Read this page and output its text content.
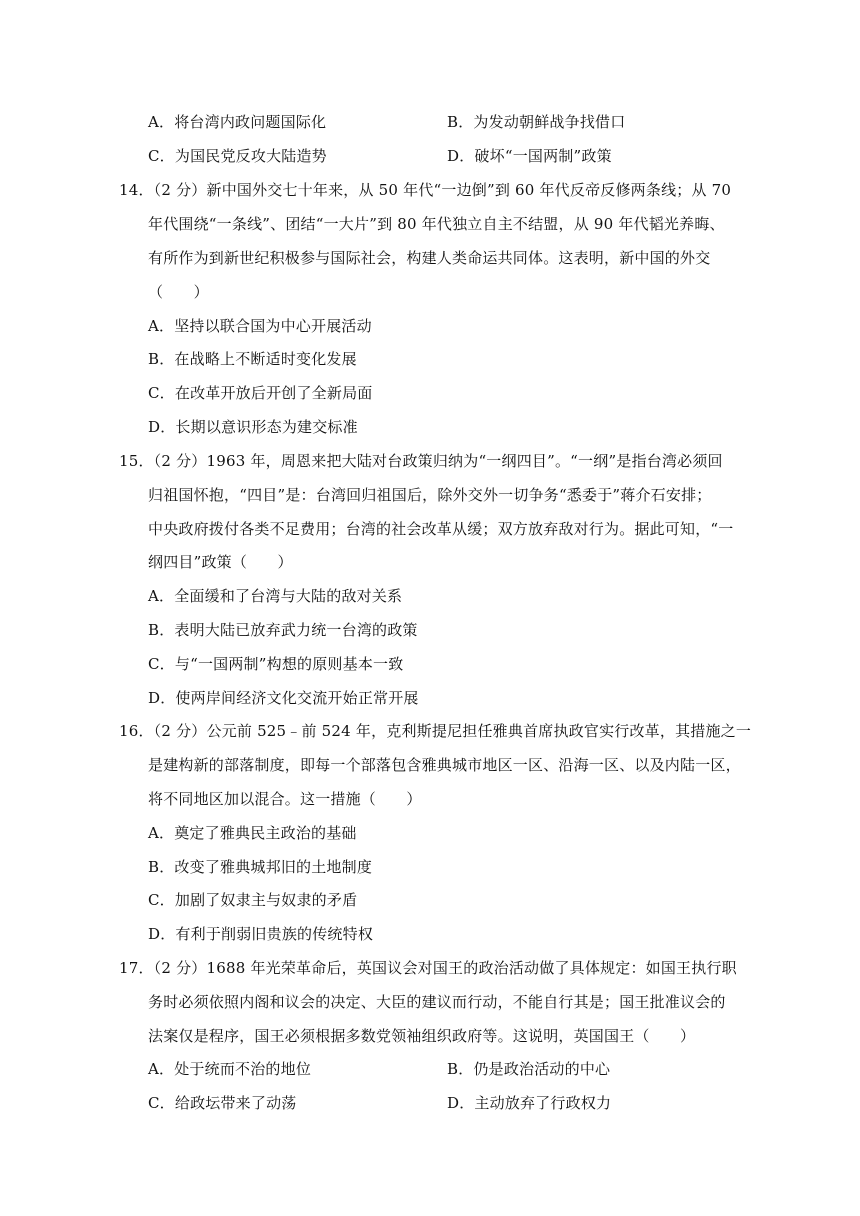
A．将台湾内政问题国际化	B．为发动朝鲜战争找借口
C．为国民党反攻大陆造势	D．破坏“一国两制”政策
14．（2 分）新中国外交七十年来，从 50 年代“一边倒”到 60 年代反帝反修两条线；从 70
年代围绕“一条线”、团结“一大片”到 80 年代独立自主不结盟，从 90 年代韬光养晦、
有所作为到新世纪积极参与国际社会，构建人类命运共同体。这表明，新中国的外交
（　　）
A．坚持以联合国为中心开展活动
B．在战略上不断适时变化发展
C．在改革开放后开创了全新局面
D．长期以意识形态为建交标准
15．（2 分）1963 年，周恩来把大陆对台政策归纳为“一纲四目”。“一纲”是指台湾必须回
归祖国怀抱，“四目”是：台湾回归祖国后，除外交外一切争务“悉委于”蒋介石安排；
中央政府拨付各类不足费用；台湾的社会改革从缓；双方放弃敌对行为。据此可知，“一
纲四目”政策（　　）
A．全面缓和了台湾与大陆的敌对关系
B．表明大陆已放弃武力统一台湾的政策
C．与“一国两制”构想的原则基本一致
D．使两岸间经济文化交流开始正常开展
16．（2 分）公元前 525﹣前 524 年，克利斯提尼担任雅典首席执政官实行改革，其措施之一
是建构新的部落制度，即每一个部落包含雅典城市地区一区、沿海一区、以及内陆一区，
将不同地区加以混合。这一措施（　　）
A．奠定了雅典民主政治的基础
B．改变了雅典城邦旧的土地制度
C．加剧了奴隶主与奴隶的矛盾
D．有利于削弱旧贵族的传统特权
17．（2 分）1688 年光荣革命后，英国议会对国王的政治活动做了具体规定：如国王执行职
务时必须依照内阁和议会的决定、大臣的建议而行动，不能自行其是；国王批准议会的
法案仅是程序，国王必须根据多数党领袖组织政府等。这说明，英国国王（　　）
A．处于统而不治的地位	B．仍是政治活动的中心
C．给政坛带来了动荡	D．主动放弃了行政权力
